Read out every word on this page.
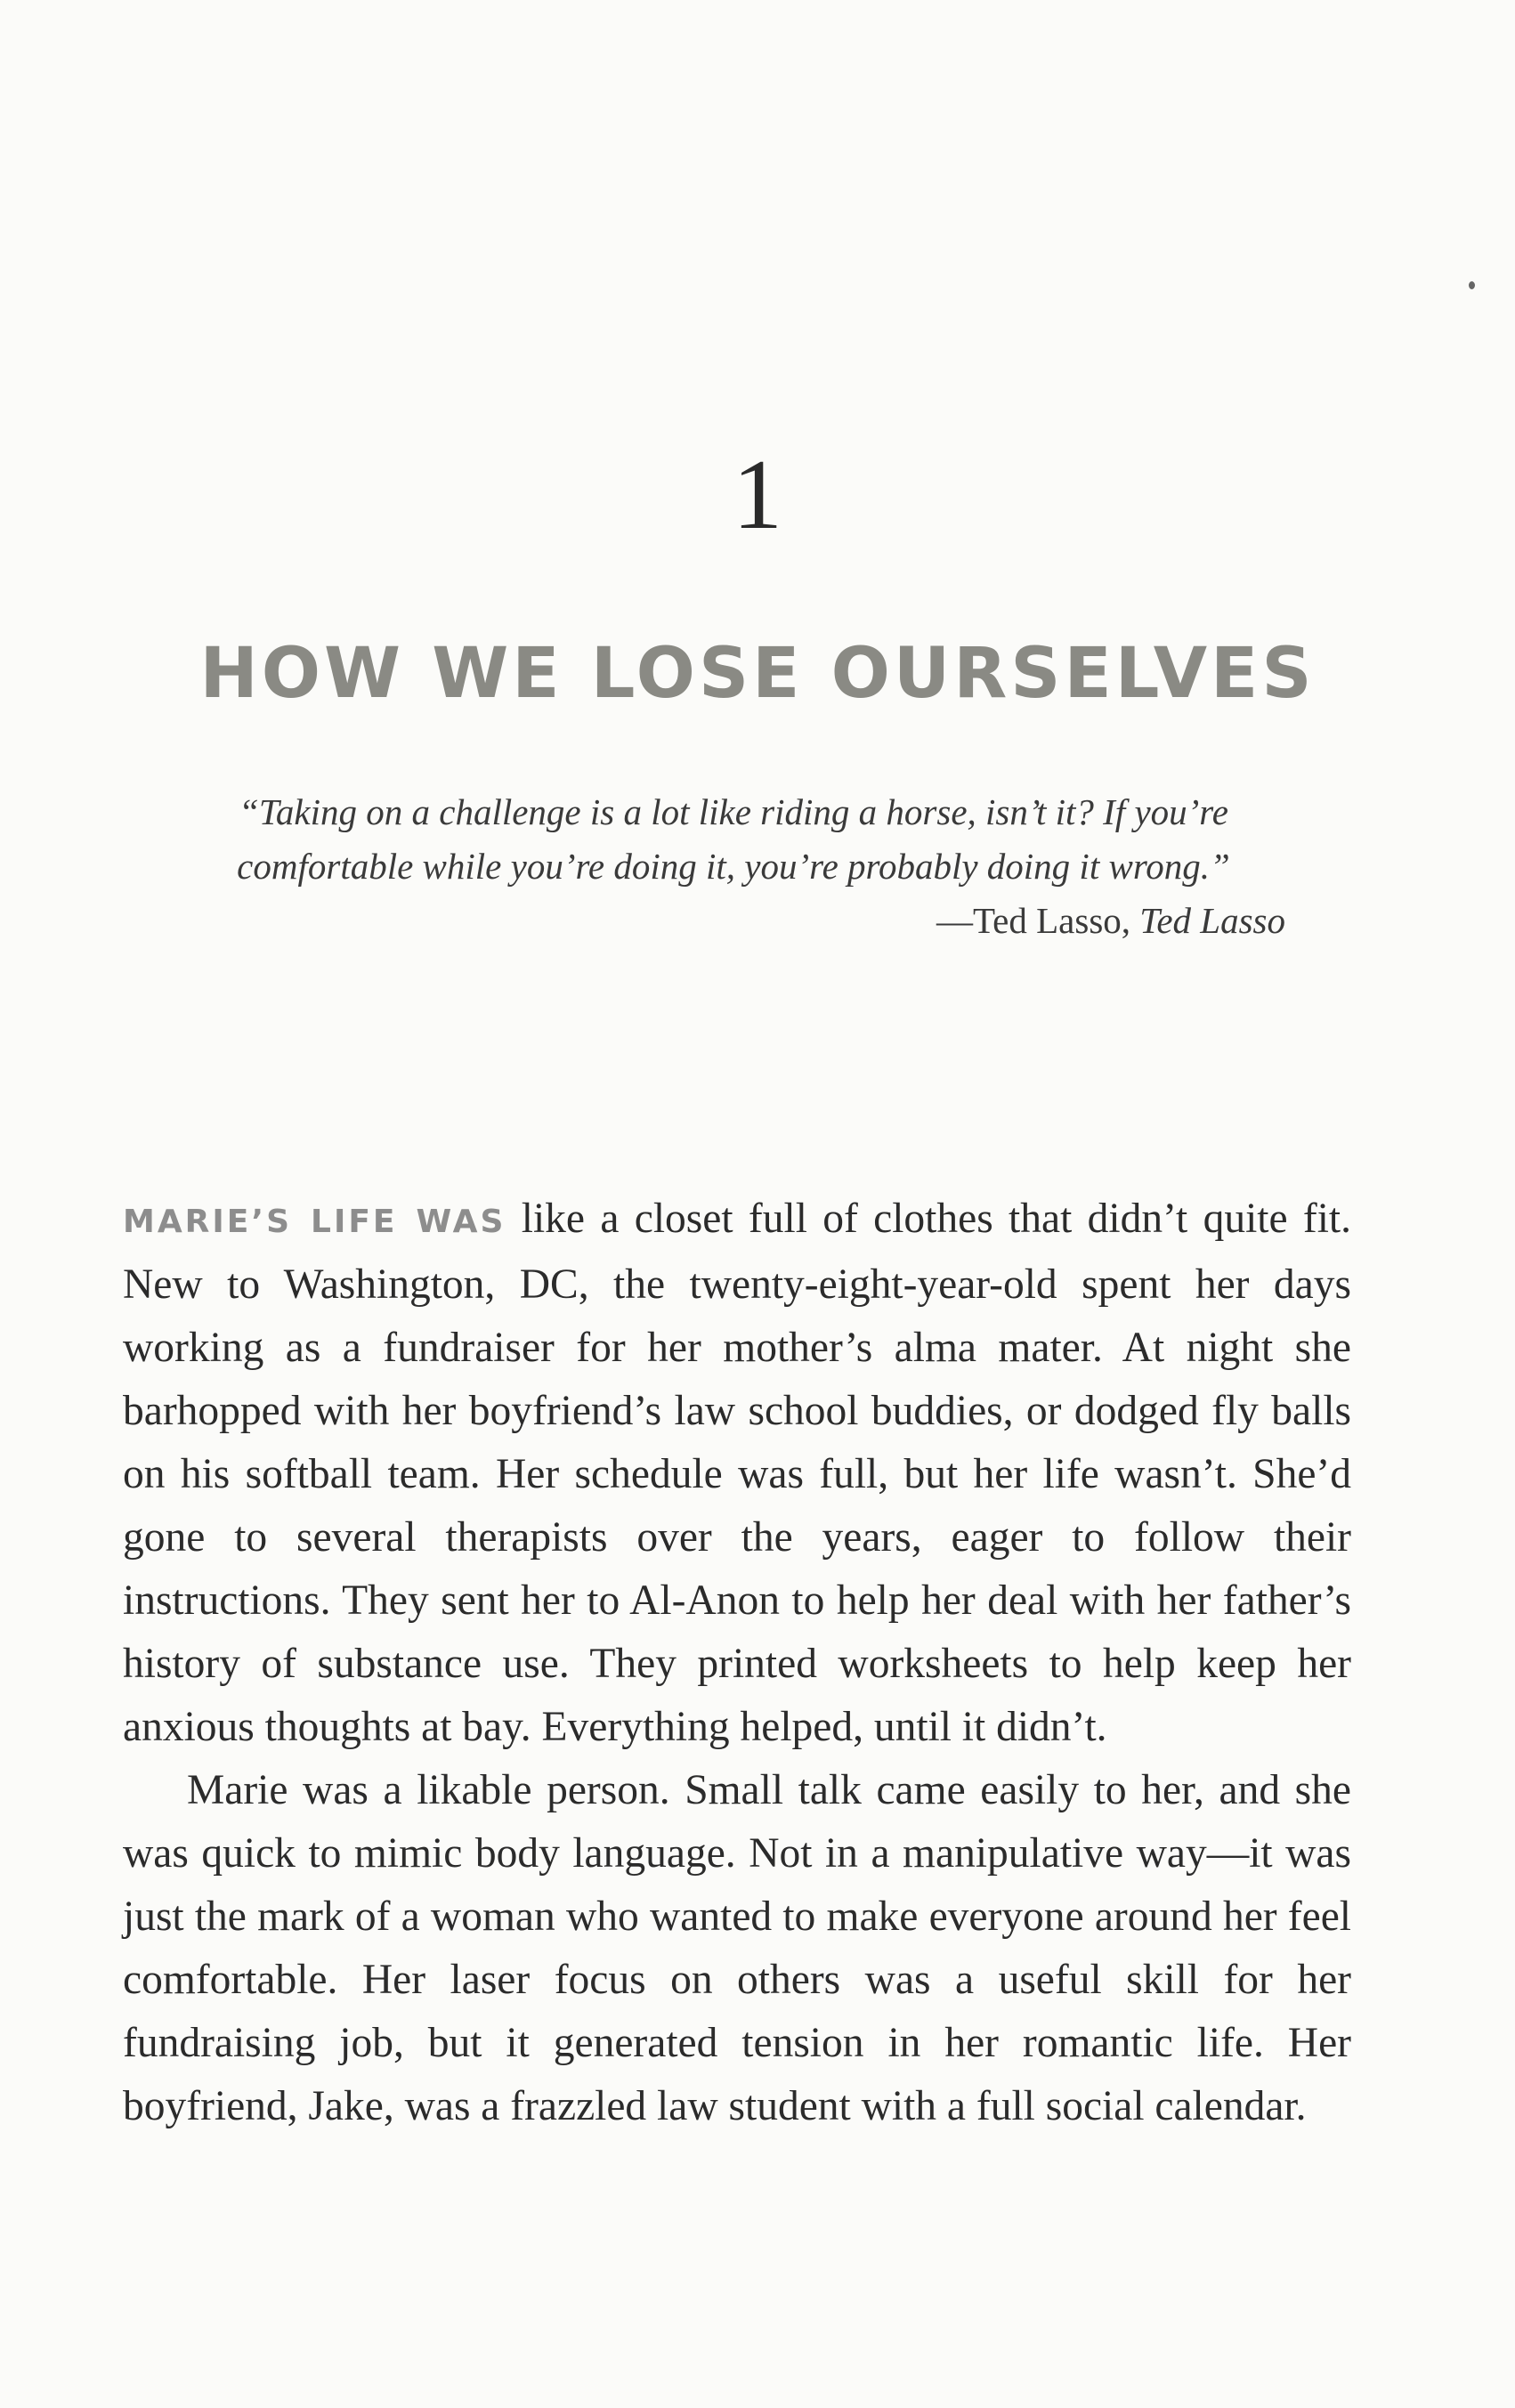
1
HOW WE LOSE OURSELVES

“Taking on a challenge is a lot like riding a horse, isn’t it? If you’re
comfortable while you’re doing it, you’re probably doing it wrong.”

—Ted Lasso, Ted Lasso

MARIE’S LIFE WAS like a closet full of clothes that didn’t quite fit. New to Washington, DC, the twenty-eight-year-old spent her days working as a fundraiser for her mother’s alma mater. At night she barhopped with her boyfriend’s law school buddies, or dodged fly balls on his softball team. Her schedule was full, but her life wasn’t. She’d gone to several therapists over the years, eager to follow their instructions. They sent her to Al-Anon to help her deal with her father’s history of substance use. They printed worksheets to help keep her anxious thoughts at bay. Everything helped, until it didn’t.

Marie was a likable person. Small talk came easily to her, and she was quick to mimic body language. Not in a manipulative way—it was just the mark of a woman who wanted to make everyone around her feel comfortable. Her laser focus on others was a useful skill for her fundraising job, but it generated tension in her romantic life. Her boyfriend, Jake, was a frazzled law student with a full social calendar.
